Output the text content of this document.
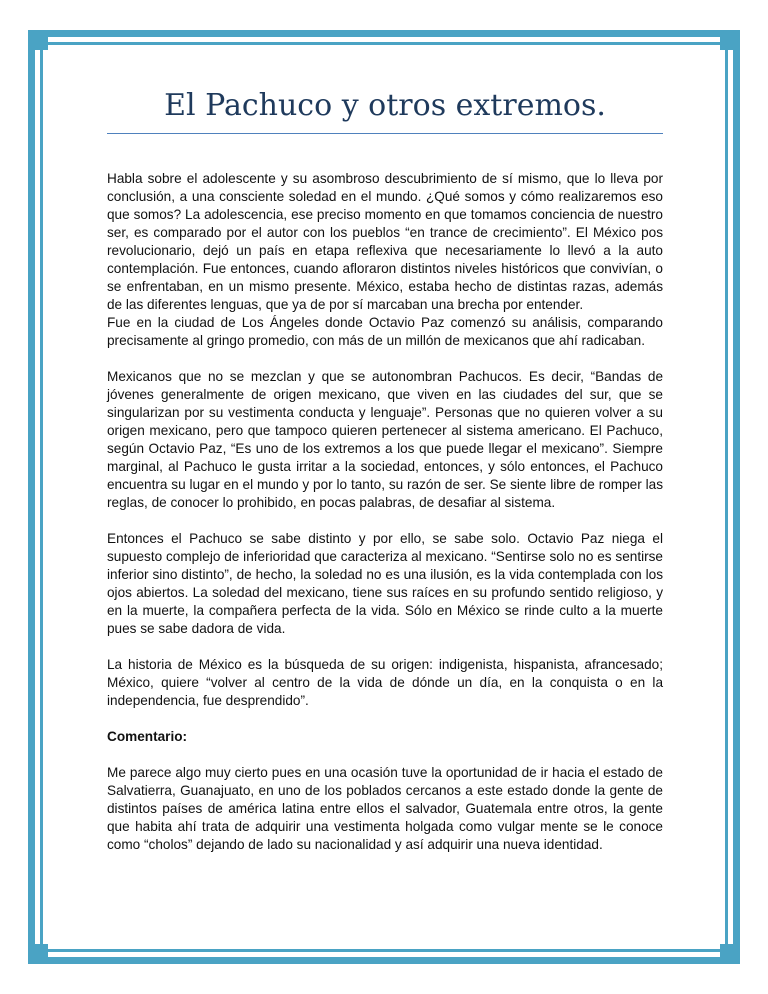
El Pachuco y otros extremos.

Habla sobre el adolescente y su asombroso descubrimiento de sí mismo, que lo lleva por conclusión, a una consciente soledad en el mundo. ¿Qué somos y cómo realizaremos eso que somos? La adolescencia, ese preciso momento en que tomamos conciencia de nuestro ser, es comparado por el autor con los pueblos “en trance de crecimiento”. El México pos revolucionario, dejó un país en etapa reflexiva que necesariamente lo llevó a la auto contemplación. Fue entonces, cuando afloraron distintos niveles históricos que convivían, o se enfrentaban, en un mismo presente. México, estaba hecho de distintas razas, además de las diferentes lenguas, que ya de por sí marcaban una brecha por entender.

Fue en la ciudad de Los Ángeles donde Octavio Paz comenzó su análisis, comparando precisamente al gringo promedio, con más de un millón de mexicanos que ahí radicaban.

Mexicanos que no se mezclan y que se autonombran Pachucos. Es decir, “Bandas de jóvenes generalmente de origen mexicano, que viven en las ciudades del sur, que se singularizan por su vestimenta conducta y lenguaje”. Personas que no quieren volver a su origen mexicano, pero que tampoco quieren pertenecer al sistema americano. El Pachuco, según Octavio Paz, “Es uno de los extremos a los que puede llegar el mexicano”. Siempre marginal, al Pachuco le gusta irritar a la sociedad, entonces, y sólo entonces, el Pachuco encuentra su lugar en el mundo y por lo tanto, su razón de ser. Se siente libre de romper las reglas, de conocer lo prohibido, en pocas palabras, de desafiar al sistema.

Entonces el Pachuco se sabe distinto y por ello, se sabe solo. Octavio Paz niega el supuesto complejo de inferioridad que caracteriza al mexicano. “Sentirse solo no es sentirse inferior sino distinto”, de hecho, la soledad no es una ilusión, es la vida contemplada con los ojos abiertos. La soledad del mexicano, tiene sus raíces en su profundo sentido religioso, y en la muerte, la compañera perfecta de la vida. Sólo en México se rinde culto a la muerte pues se sabe dadora de vida.

La historia de México es la búsqueda de su origen: indigenista, hispanista, afrancesado; México, quiere “volver al centro de la vida de dónde un día, en la conquista o en la independencia, fue desprendido”.

Comentario:

Me parece algo muy cierto pues en una ocasión tuve la oportunidad de ir hacia el estado de Salvatierra, Guanajuato, en uno de los poblados cercanos a este estado donde la gente de distintos países de américa latina entre ellos el salvador, Guatemala entre otros, la gente que habita ahí trata de adquirir una vestimenta holgada como vulgar mente se le conoce como “cholos” dejando de lado su nacionalidad y así adquirir una nueva identidad.
